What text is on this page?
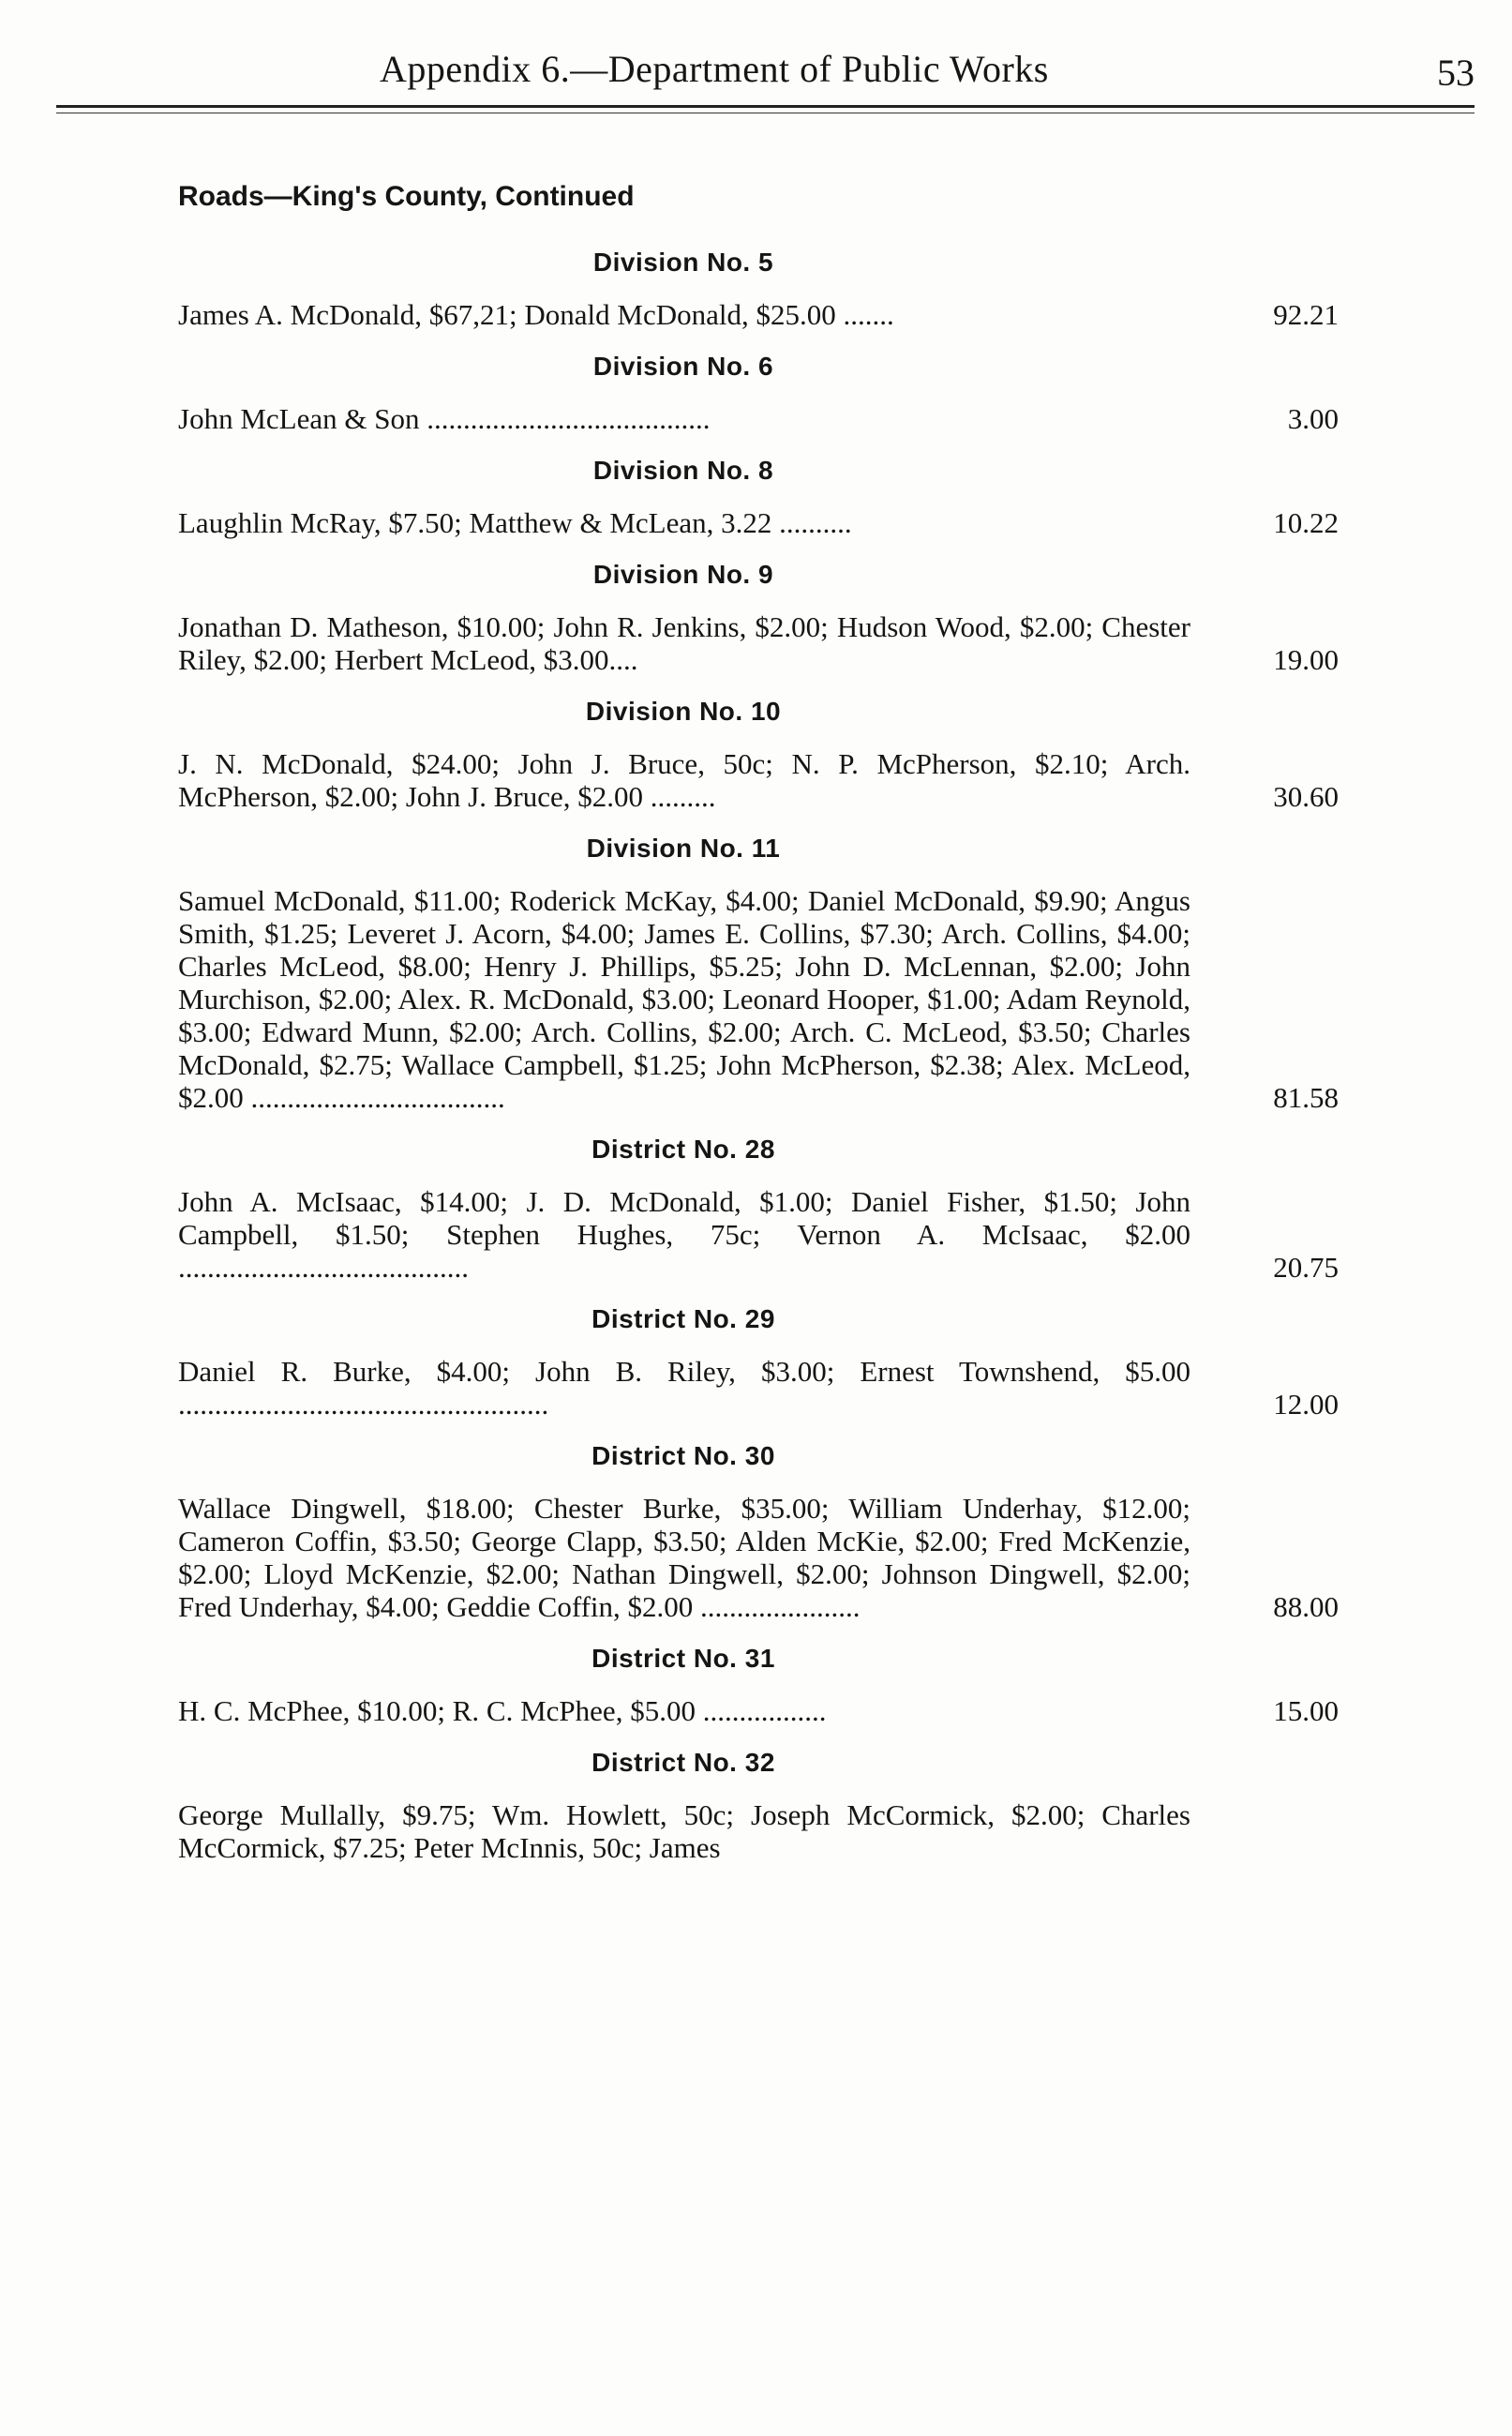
Appendix 6.—Department of Public Works	53
Roads—King's County, Continued
Division No. 5
James A. McDonald, $67,21; Donald McDonald, $25.00 .......	92.21
Division No. 6
John McLean & Son .......................................	3.00
Division No. 8
Laughlin McRay, $7.50; Matthew & McLean, 3.22 ..........	10.22
Division No. 9
Jonathan D. Matheson, $10.00; John R. Jenkins, $2.00; Hudson Wood, $2.00; Chester Riley, $2.00; Herbert McLeod, $3.00....	19.00
Division No. 10
J. N. McDonald, $24.00; John J. Bruce, 50c; N. P. McPherson, $2.10; Arch. McPherson, $2.00; John J. Bruce, $2.00 .........	30.60
Division No. 11
Samuel McDonald, $11.00; Roderick McKay, $4.00; Daniel McDonald, $9.90; Angus Smith, $1.25; Leveret J. Acorn, $4.00; James E. Collins, $7.30; Arch. Collins, $4.00; Charles McLeod, $8.00; Henry J. Phillips, $5.25; John D. McLennan, $2.00; John Murchison, $2.00; Alex. R. McDonald, $3.00; Leonard Hooper, $1.00; Adam Reynold, $3.00; Edward Munn, $2.00; Arch. Collins, $2.00; Arch. C. McLeod, $3.50; Charles McDonald, $2.75; Wallace Campbell, $1.25; John McPherson, $2.38; Alex. McLeod, $2.00 ...................................	81.58
District No. 28
John A. McIsaac, $14.00; J. D. McDonald, $1.00; Daniel Fisher, $1.50; John Campbell, $1.50; Stephen Hughes, 75c; Vernon A. McIsaac, $2.00 ........................................	20.75
District No. 29
Daniel R. Burke, $4.00; John B. Riley, $3.00; Ernest Townshend, $5.00 ...................................................	12.00
District No. 30
Wallace Dingwell, $18.00; Chester Burke, $35.00; William Underhay, $12.00; Cameron Coffin, $3.50; George Clapp, $3.50; Alden McKie, $2.00; Fred McKenzie, $2.00; Lloyd McKenzie, $2.00; Nathan Dingwell, $2.00; Johnson Dingwell, $2.00; Fred Underhay, $4.00; Geddie Coffin, $2.00 ......................	88.00
District No. 31
H. C. McPhee, $10.00; R. C. McPhee, $5.00 .................	15.00
District No. 32
George Mullally, $9.75; Wm. Howlett, 50c; Joseph McCormick, $2.00; Charles McCormick, $7.25; Peter McInnis, 50c; James
